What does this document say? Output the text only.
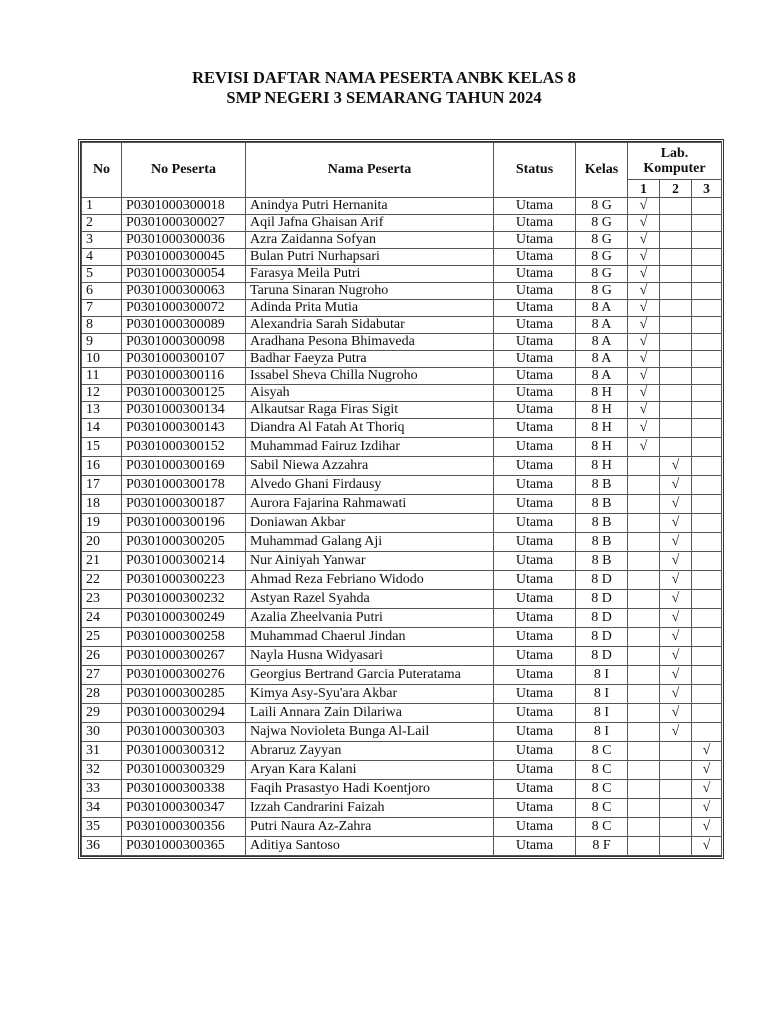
REVISI DAFTAR NAMA PESERTA ANBK KELAS 8
SMP NEGERI 3 SEMARANG TAHUN 2024
No	No Peserta	Nama Peserta	Status	Kelas	Lab. Komputer		
					1	2	3
1	P0301000300018	Anindya Putri Hernanita	Utama	8 G	√		
2	P0301000300027	Aqil Jafna Ghaisan Arif	Utama	8 G	√		
3	P0301000300036	Azra Zaidanna Sofyan	Utama	8 G	√		
4	P0301000300045	Bulan Putri Nurhapsari	Utama	8 G	√		
5	P0301000300054	Farasya Meila Putri	Utama	8 G	√		
6	P0301000300063	Taruna Sinaran Nugroho	Utama	8 G	√		
7	P0301000300072	Adinda Prita Mutia	Utama	8 A	√		
8	P0301000300089	Alexandria Sarah Sidabutar	Utama	8 A	√		
9	P0301000300098	Aradhana Pesona Bhimaveda	Utama	8 A	√		
10	P0301000300107	Badhar Faeyza Putra	Utama	8 A	√		
11	P0301000300116	Issabel Sheva Chilla Nugroho	Utama	8 A	√		
12	P0301000300125	Aisyah	Utama	8 H	√		
13	P0301000300134	Alkautsar Raga Firas Sigit	Utama	8 H	√		
14	P0301000300143	Diandra Al Fatah At Thoriq	Utama	8 H	√		
15	P0301000300152	Muhammad Fairuz Izdihar	Utama	8 H	√		
16	P0301000300169	Sabil Niewa Azzahra	Utama	8 H		√	
17	P0301000300178	Alvedo Ghani Firdausy	Utama	8 B		√	
18	P0301000300187	Aurora Fajarina Rahmawati	Utama	8 B		√	
19	P0301000300196	Doniawan Akbar	Utama	8 B		√	
20	P0301000300205	Muhammad Galang Aji	Utama	8 B		√	
21	P0301000300214	Nur Ainiyah Yanwar	Utama	8 B		√	
22	P0301000300223	Ahmad Reza Febriano Widodo	Utama	8 D		√	
23	P0301000300232	Astyan Razel Syahda	Utama	8 D		√	
24	P0301000300249	Azalia Zheelvania Putri	Utama	8 D		√	
25	P0301000300258	Muhammad Chaerul Jindan	Utama	8 D		√	
26	P0301000300267	Nayla Husna Widyasari	Utama	8 D		√	
27	P0301000300276	Georgius Bertrand Garcia Puteratama	Utama	8 I		√	
28	P0301000300285	Kimya Asy-Syu'ara Akbar	Utama	8 I		√	
29	P0301000300294	Laili Annara Zain Dilariwa	Utama	8 I		√	
30	P0301000300303	Najwa Novioleta Bunga Al-Lail	Utama	8 I		√	
31	P0301000300312	Abraruz Zayyan	Utama	8 C			√
32	P0301000300329	Aryan Kara Kalani	Utama	8 C			√
33	P0301000300338	Faqih Prasastyo Hadi Koentjoro	Utama	8 C			√
34	P0301000300347	Izzah Candrarini Faizah	Utama	8 C			√
35	P0301000300356	Putri Naura Az-Zahra	Utama	8 C			√
36	P0301000300365	Aditiya Santoso	Utama	8 F			√
